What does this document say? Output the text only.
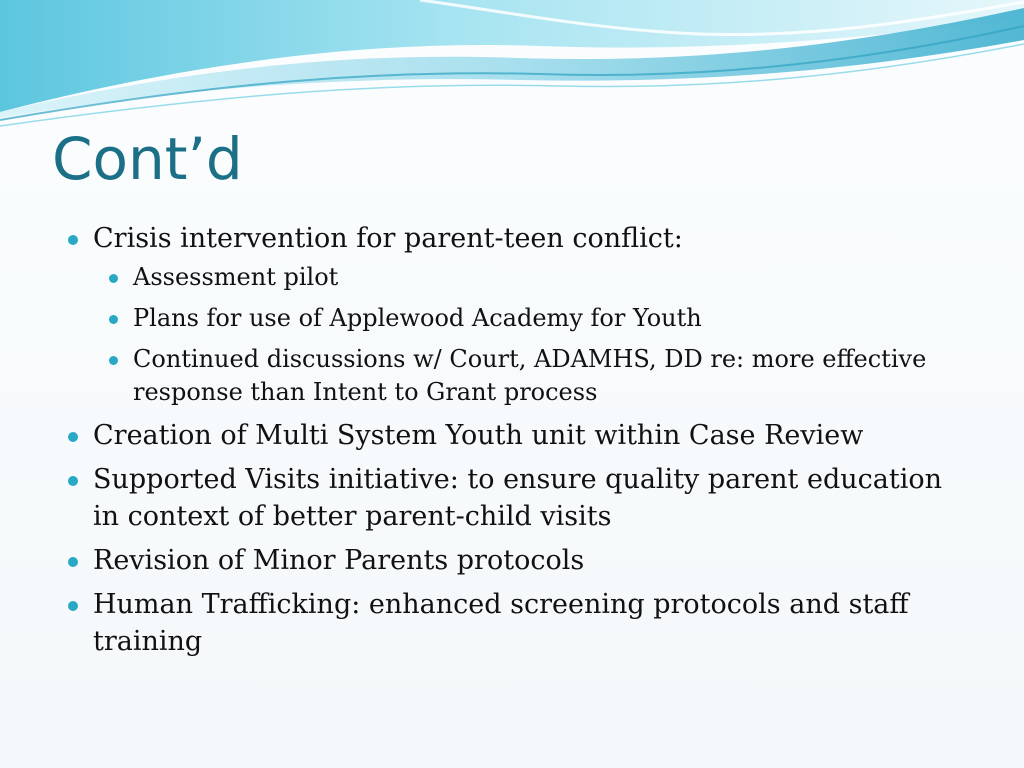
Cont’d
Crisis intervention for parent-teen conflict:
Assessment pilot
Plans for use of Applewood Academy for Youth
Continued discussions w/ Court, ADAMHS, DD re: more effective response than Intent to Grant process
Creation of Multi System Youth unit within Case Review
Supported Visits initiative: to ensure quality parent education in context of better parent-child visits
Revision of Minor Parents protocols
Human Trafficking: enhanced screening protocols and staff training
